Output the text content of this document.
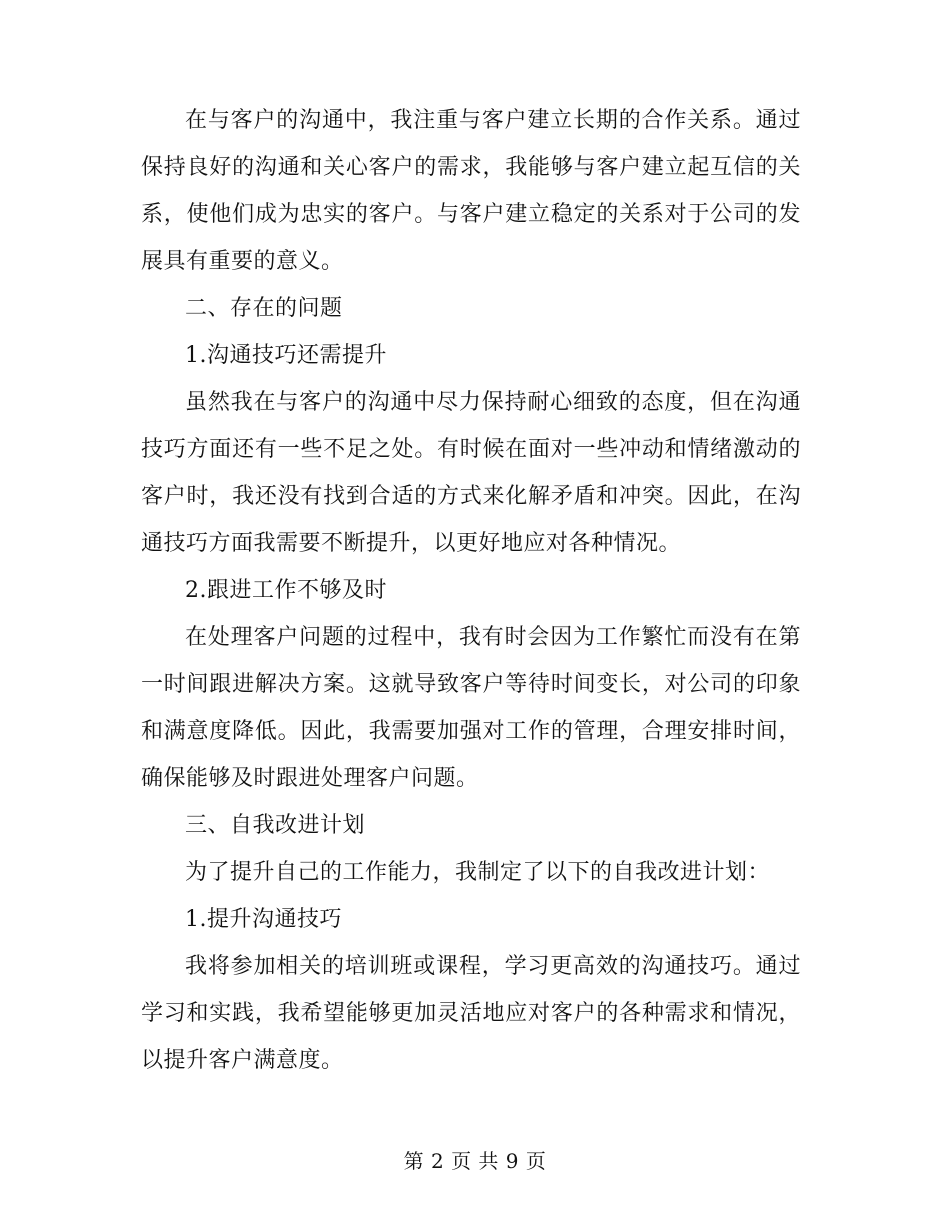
在与客户的沟通中，我注重与客户建立长期的合作关系。通过保持良好的沟通和关心客户的需求，我能够与客户建立起互信的关系，使他们成为忠实的客户。与客户建立稳定的关系对于公司的发展具有重要的意义。

二、存在的问题

1.沟通技巧还需提升

虽然我在与客户的沟通中尽力保持耐心细致的态度，但在沟通技巧方面还有一些不足之处。有时候在面对一些冲动和情绪激动的客户时，我还没有找到合适的方式来化解矛盾和冲突。因此，在沟通技巧方面我需要不断提升，以更好地应对各种情况。

2.跟进工作不够及时

在处理客户问题的过程中，我有时会因为工作繁忙而没有在第一时间跟进解决方案。这就导致客户等待时间变长，对公司的印象和满意度降低。因此，我需要加强对工作的管理，合理安排时间，确保能够及时跟进处理客户问题。

三、自我改进计划

为了提升自己的工作能力，我制定了以下的自我改进计划：

1.提升沟通技巧

我将参加相关的培训班或课程，学习更高效的沟通技巧。通过学习和实践，我希望能够更加灵活地应对客户的各种需求和情况，以提升客户满意度。

第 2 页 共 9 页
